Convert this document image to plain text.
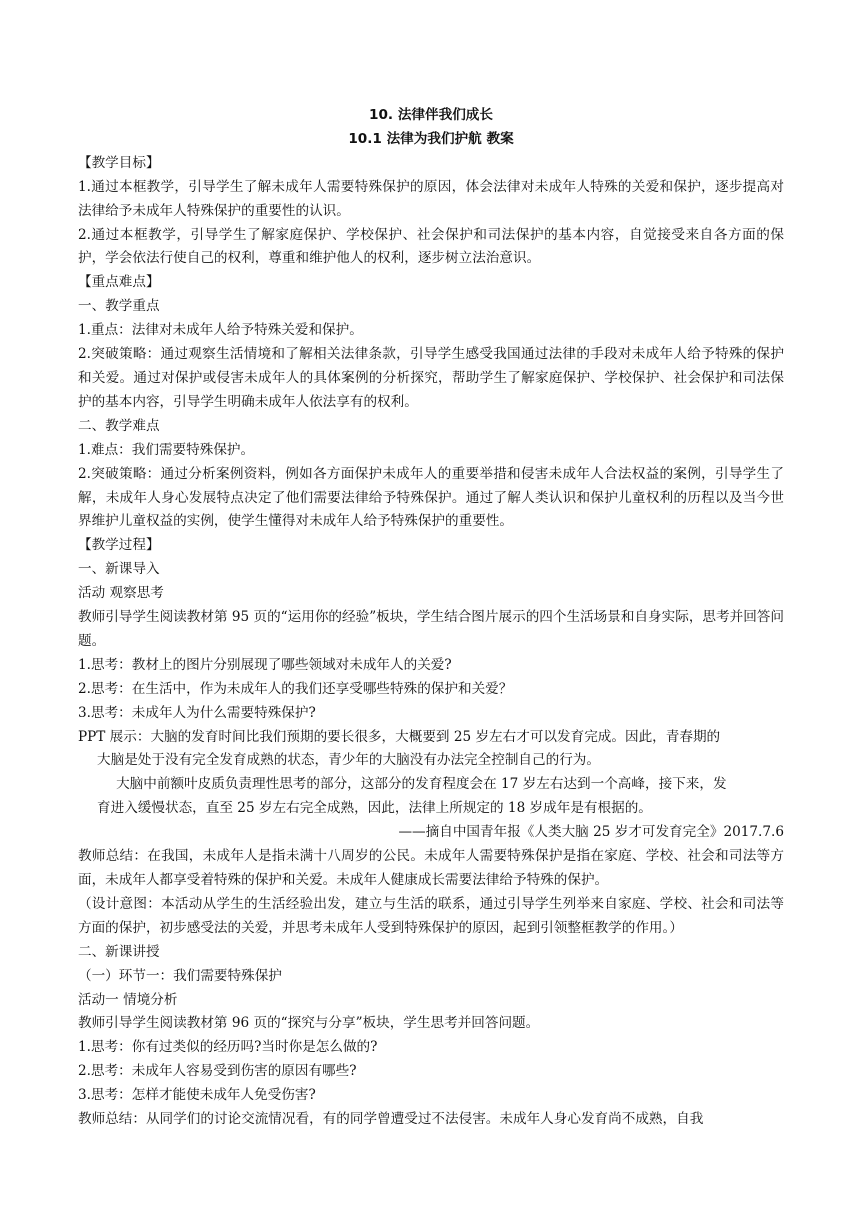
10. 法律伴我们成长
10.1 法律为我们护航 教案

【教学目标】

1.通过本框教学，引导学生了解未成年人需要特殊保护的原因，体会法律对未成年人特殊的关爱和保护，逐步提高对法律给予未成年人特殊保护的重要性的认识。

2.通过本框教学，引导学生了解家庭保护、学校保护、社会保护和司法保护的基本内容，自觉接受来自各方面的保护，学会依法行使自己的权利，尊重和维护他人的权利，逐步树立法治意识。

【重点难点】

一、教学重点

1.重点：法律对未成年人给予特殊关爱和保护。

2.突破策略：通过观察生活情境和了解相关法律条款，引导学生感受我国通过法律的手段对未成年人给予特殊的保护和关爱。通过对保护或侵害未成年人的具体案例的分析探究，帮助学生了解家庭保护、学校保护、社会保护和司法保护的基本内容，引导学生明确未成年人依法享有的权利。

二、教学难点

1.难点：我们需要特殊保护。

2.突破策略：通过分析案例资料，例如各方面保护未成年人的重要举措和侵害未成年人合法权益的案例，引导学生了解，未成年人身心发展特点决定了他们需要法律给予特殊保护。通过了解人类认识和保护儿童权利的历程以及当今世界维护儿童权益的实例，使学生懂得对未成年人给予特殊保护的重要性。

【教学过程】

一、新课导入

活动 观察思考

教师引导学生阅读教材第 95 页的“运用你的经验”板块，学生结合图片展示的四个生活场景和自身实际，思考并回答问题。

1.思考：教材上的图片分别展现了哪些领域对未成年人的关爱?

2.思考：在生活中，作为未成年人的我们还享受哪些特殊的保护和关爱？

3.思考：未成年人为什么需要特殊保护?

PPT 展示：大脑的发育时间比我们预期的要长很多，大概要到 25 岁左右才可以发育完成。因此，青春期的

大脑是处于没有完全发育成熟的状态，青少年的大脑没有办法完全控制自己的行为。

大脑中前额叶皮质负责理性思考的部分，这部分的发育程度会在 17 岁左右达到一个高峰，接下来，发

育进入缓慢状态，直至 25 岁左右完全成熟，因此，法律上所规定的 18 岁成年是有根据的。

——摘自中国青年报《人类大脑 25 岁才可发育完全》2017.7.6

教师总结：在我国，未成年人是指未满十八周岁的公民。未成年人需要特殊保护是指在家庭、学校、社会和司法等方面，未成年人都享受着特殊的保护和关爱。未成年人健康成长需要法律给予特殊的保护。

（设计意图：本活动从学生的生活经验出发，建立与生活的联系，通过引导学生列举来自家庭、学校、社会和司法等方面的保护，初步感受法的关爱，并思考未成年人受到特殊保护的原因，起到引领整框教学的作用。）

二、新课讲授

（一）环节一：我们需要特殊保护

活动一 情境分析

教师引导学生阅读教材第 96 页的“探究与分享”板块，学生思考并回答问题。

1.思考：你有过类似的经历吗?当时你是怎么做的?

2.思考：未成年人容易受到伤害的原因有哪些?

3.思考：怎样才能使未成年人免受伤害?

教师总结：从同学们的讨论交流情况看，有的同学曾遭受过不法侵害。未成年人身心发育尚不成熟，自我
